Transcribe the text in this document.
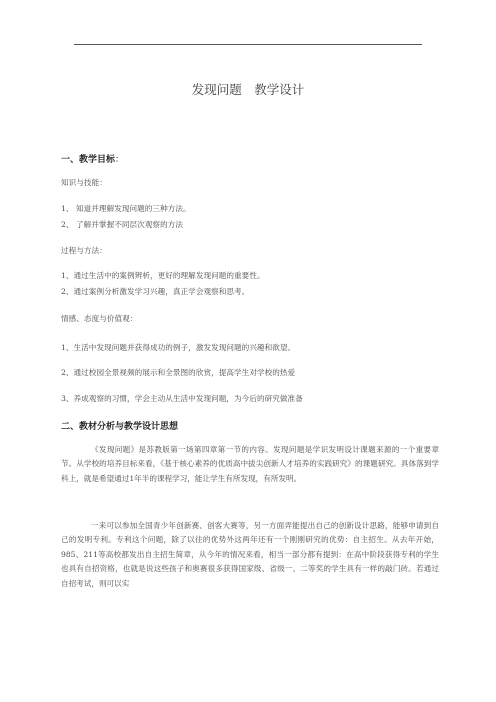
发现问题　教学设计
一、教学目标：
知识与技能：
1、 知道并理解发现问题的三种方法。
2、 了解并掌握不同层次观察的方法
过程与方法：
1、通过生活中的案例辨析，更好的理解发现问题的重要性。
2、通过案例分析激发学习兴趣，真正学会观察和思考。
情感、态度与价值观：
1、生活中发现问题并获得成功的例子，激发发现问题的兴趣和欲望。
2、通过校园全景视频的展示和全景图的欣赏，提高学生对学校的热爱
3、养成观察的习惯，学会主动从生活中发现问题，为今后的研究做准备
二、教材分析与教学设计思想

《发现问题》是苏教版第一场第四章第一节的内容。发现问题是学识发明设计课题来源的一个重要章节。从学校的培养目标来看，《基于核心素养的优质高中拔尖创新人才培养的实践研究》的课题研究。具体落到学科上，就是希望通过1年半的课程学习，能让学生有所发现，有所发明。

一来可以参加全国青少年创新赛、创客大赛等，另一方面弄能提出自己的创新设计思路，能够申请到自己的发明专利。专利这个问题，除了以往的优势外这两年还有一个刚刚研究的优势：自主招生。从去年开始，985、211等高校都发出自主招生简章，从今年的情况来看，相当一部分都有提到：在高中阶段获得专利的学生也具有自招资格，也就是说这些孩子和奥赛很多获得国家级、省级一、二等奖的学生具有一样的敲门砖。若通过自招考试，则可以实
